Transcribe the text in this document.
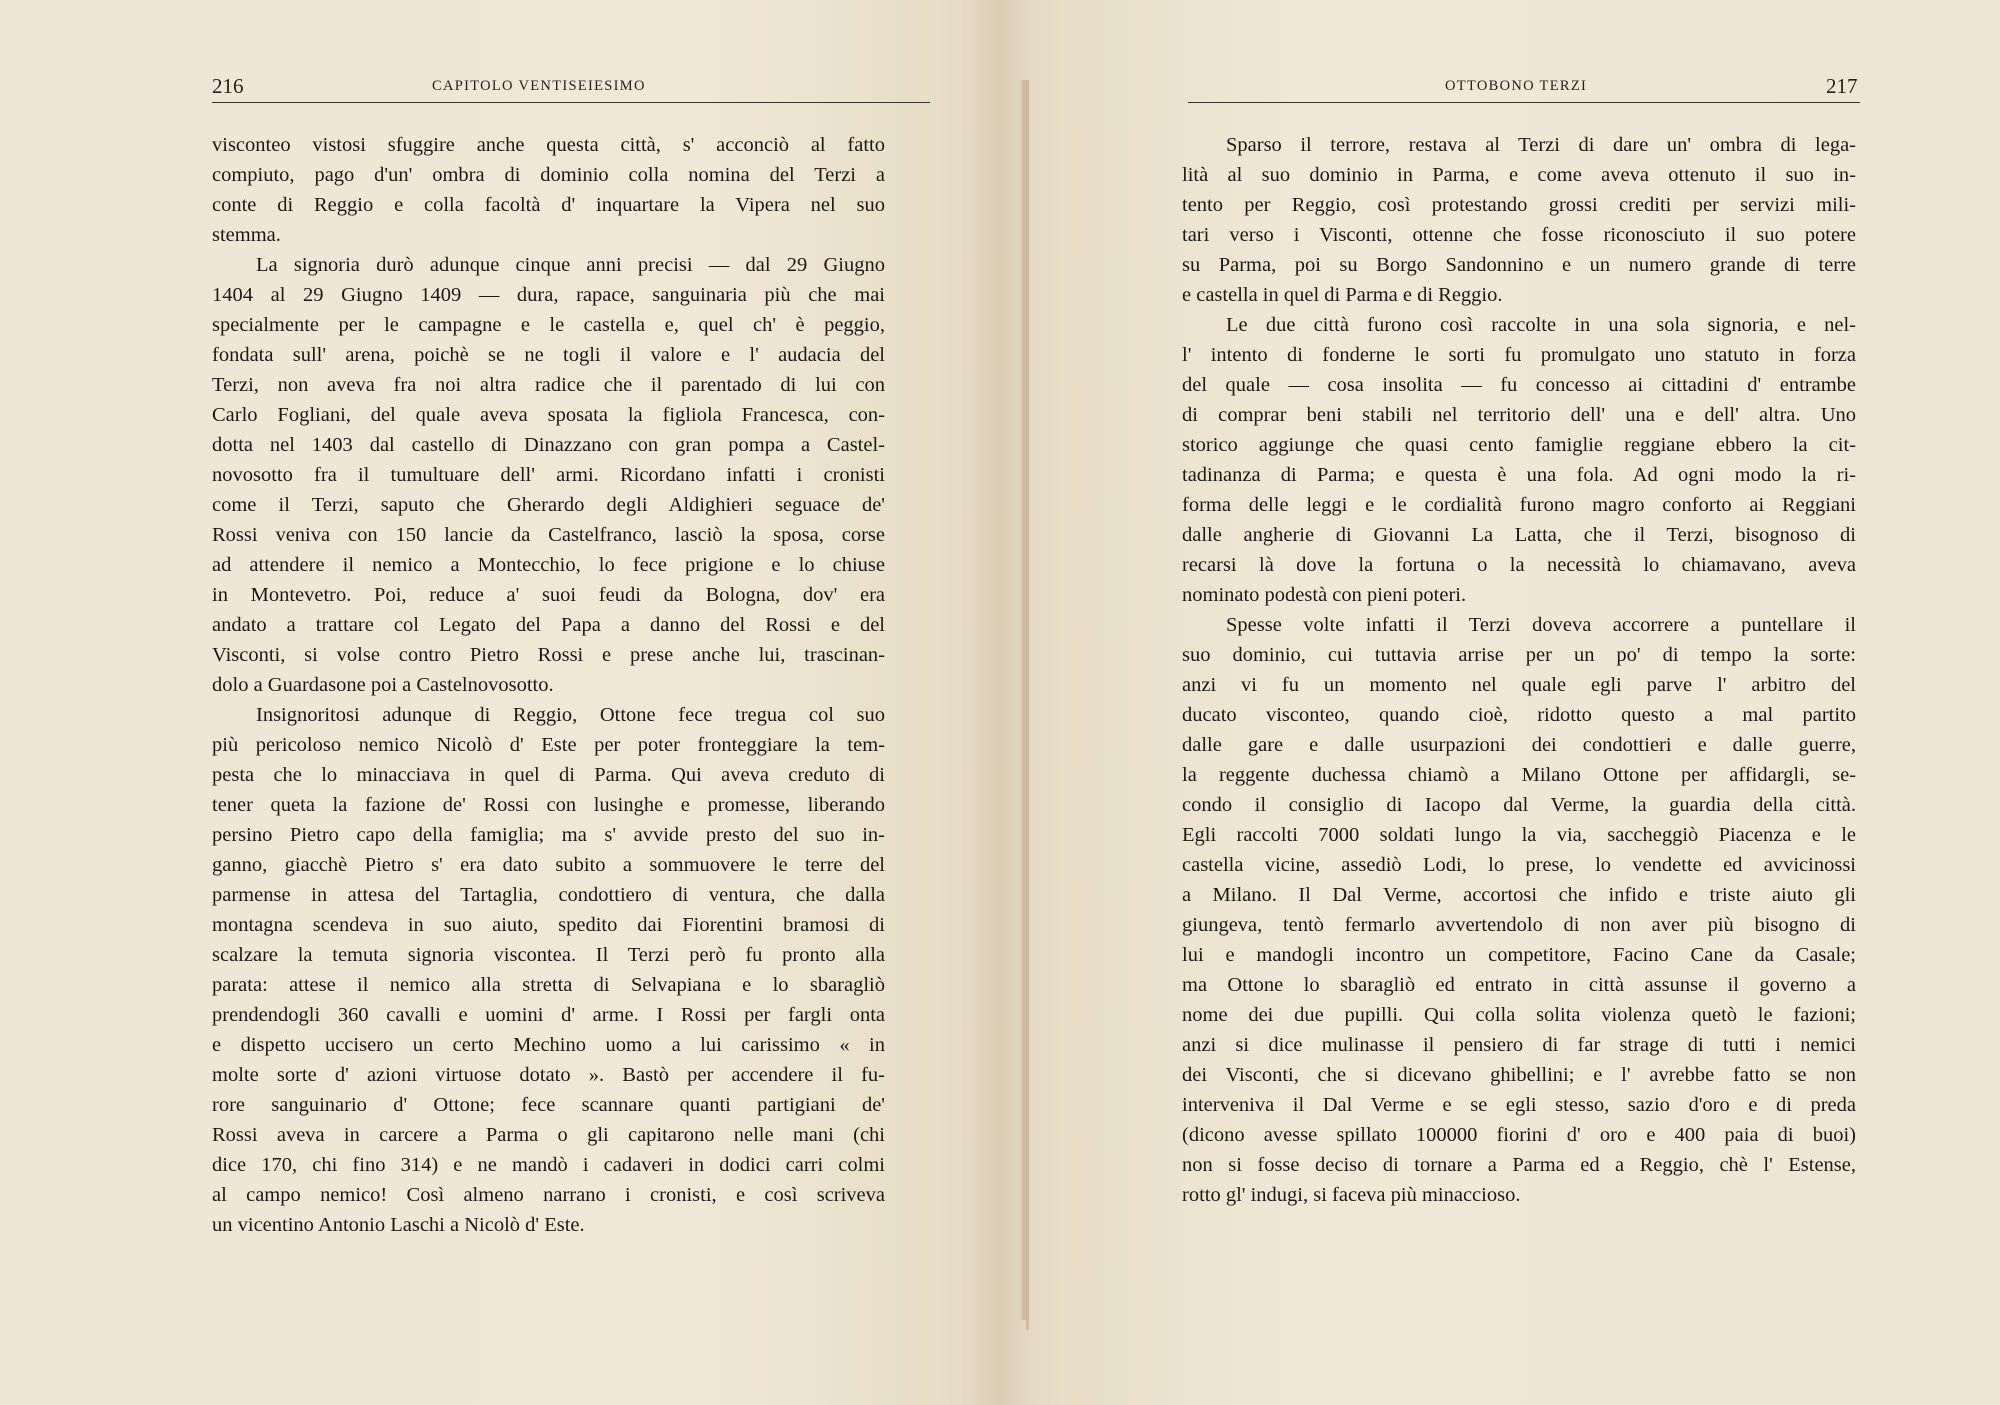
216	CAPITOLO VENTISEIESIMO
visconteo vistosi sfuggire anche questa città, s' acconciò al fatto
compiuto, pago d'un' ombra di dominio colla nomina del Terzi a
conte di Reggio e colla facoltà d' inquartare la Vipera nel suo
stemma.
La signoria durò adunque cinque anni precisi — dal 29 Giugno
1404 al 29 Giugno 1409 — dura, rapace, sanguinaria più che mai
specialmente per le campagne e le castella e, quel ch' è peggio,
fondata sull' arena, poichè se ne togli il valore e l' audacia del
Terzi, non aveva fra noi altra radice che il parentado di lui con
Carlo Fogliani, del quale aveva sposata la figliola Francesca, con-
dotta nel 1403 dal castello di Dinazzano con gran pompa a Castel-
novosotto fra il tumultuare dell' armi. Ricordano infatti i cronisti
come il Terzi, saputo che Gherardo degli Aldighieri seguace de'
Rossi veniva con 150 lancie da Castelfranco, lasciò la sposa, corse
ad attendere il nemico a Montecchio, lo fece prigione e lo chiuse
in Montevetro. Poi, reduce a' suoi feudi da Bologna, dov' era
andato a trattare col Legato del Papa a danno del Rossi e del
Visconti, si volse contro Pietro Rossi e prese anche lui, trascinan-
dolo a Guardasone poi a Castelnovosotto.
Insignoritosi adunque di Reggio, Ottone fece tregua col suo
più pericoloso nemico Nicolò d' Este per poter fronteggiare la tem-
pesta che lo minacciava in quel di Parma. Qui aveva creduto di
tener queta la fazione de' Rossi con lusinghe e promesse, liberando
persino Pietro capo della famiglia; ma s' avvide presto del suo in-
ganno, giacchè Pietro s' era dato subito a sommuovere le terre del
parmense in attesa del Tartaglia, condottiero di ventura, che dalla
montagna scendeva in suo aiuto, spedito dai Fiorentini bramosi di
scalzare la temuta signoria viscontea. Il Terzi però fu pronto alla
parata: attese il nemico alla stretta di Selvapiana e lo sbaragliò
prendendogli 360 cavalli e uomini d' arme. I Rossi per fargli onta
e dispetto uccisero un certo Mechino uomo a lui carissimo « in
molte sorte d' azioni virtuose dotato ». Bastò per accendere il fu-
rore sanguinario d' Ottone; fece scannare quanti partigiani de'
Rossi aveva in carcere a Parma o gli capitarono nelle mani (chi
dice 170, chi fino 314) e ne mandò i cadaveri in dodici carri colmi
al campo nemico! Così almeno narrano i cronisti, e così scriveva
un vicentino Antonio Laschi a Nicolò d' Este.
OTTOBONO TERZI	217
Sparso il terrore, restava al Terzi di dare un' ombra di lega-
lità al suo dominio in Parma, e come aveva ottenuto il suo in-
tento per Reggio, così protestando grossi crediti per servizi mili-
tari verso i Visconti, ottenne che fosse riconosciuto il suo potere
su Parma, poi su Borgo Sandonnino e un numero grande di terre
e castella in quel di Parma e di Reggio.
Le due città furono così raccolte in una sola signoria, e nel-
l' intento di fonderne le sorti fu promulgato uno statuto in forza
del quale — cosa insolita — fu concesso ai cittadini d' entrambe
di comprar beni stabili nel territorio dell' una e dell' altra. Uno
storico aggiunge che quasi cento famiglie reggiane ebbero la cit-
tadinanza di Parma; e questa è una fola. Ad ogni modo la ri-
forma delle leggi e le cordialità furono magro conforto ai Reggiani
dalle angherie di Giovanni La Latta, che il Terzi, bisognoso di
recarsi là dove la fortuna o la necessità lo chiamavano, aveva
nominato podestà con pieni poteri.
Spesse volte infatti il Terzi doveva accorrere a puntellare il
suo dominio, cui tuttavia arrise per un po' di tempo la sorte:
anzi vi fu un momento nel quale egli parve l' arbitro del
ducato visconteo, quando cioè, ridotto questo a mal partito
dalle gare e dalle usurpazioni dei condottieri e dalle guerre,
la reggente duchessa chiamò a Milano Ottone per affidargli, se-
condo il consiglio di Iacopo dal Verme, la guardia della città.
Egli raccolti 7000 soldati lungo la via, saccheggiò Piacenza e le
castella vicine, assediò Lodi, lo prese, lo vendette ed avvicinossi
a Milano. Il Dal Verme, accortosi che infido e triste aiuto gli
giungeva, tentò fermarlo avvertendolo di non aver più bisogno di
lui e mandogli incontro un competitore, Facino Cane da Casale;
ma Ottone lo sbaragliò ed entrato in città assunse il governo a
nome dei due pupilli. Qui colla solita violenza quetò le fazioni;
anzi si dice mulinasse il pensiero di far strage di tutti i nemici
dei Visconti, che si dicevano ghibellini; e l' avrebbe fatto se non
interveniva il Dal Verme e se egli stesso, sazio d'oro e di preda
(dicono avesse spillato 100000 fiorini d' oro e 400 paia di buoi)
non si fosse deciso di tornare a Parma ed a Reggio, chè l' Estense,
rotto gl' indugi, si faceva più minaccioso.
